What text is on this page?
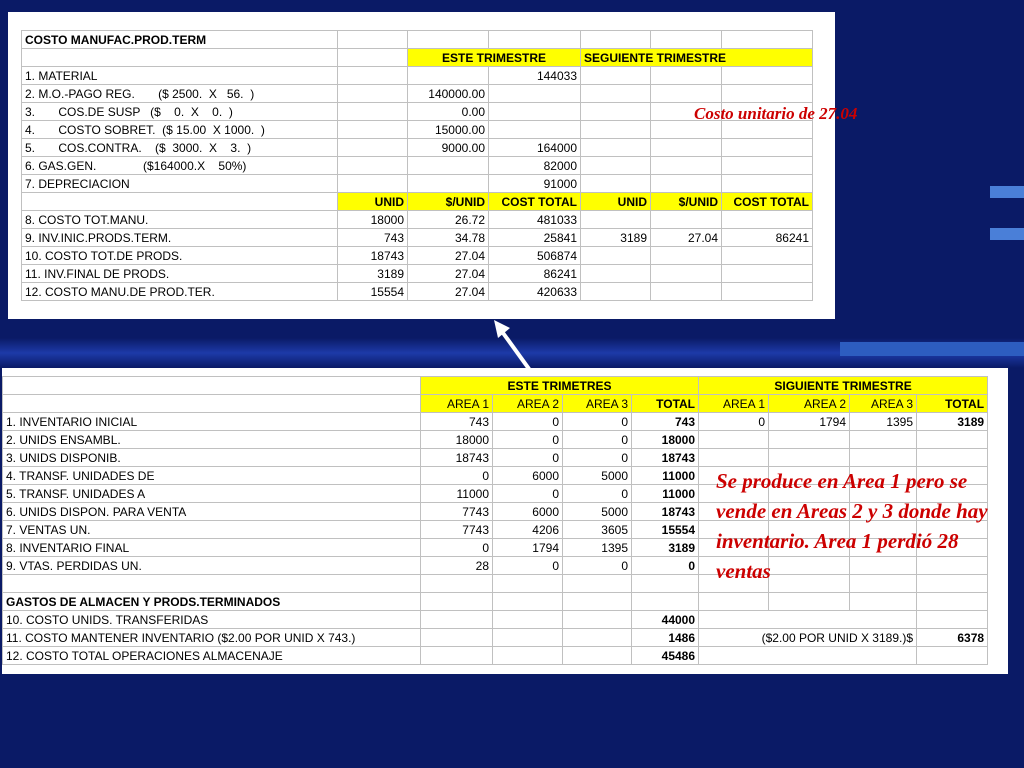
COSTO MANUFAC.PROD.TERM						
		ESTE TRIMESTRE		SEGUIENTE TRIMESTRE		
1. MATERIAL			144033			
2. M.O.-PAGO REG.       ($ 2500.  X   56.  )		140000.00				
3.       COS.DE SUSP   ($    0.  X    0.  )		0.00				
4.       COSTO SOBRET.  ($ 15.00  X 1000.  )		15000.00				
5.       COS.CONTRA.    ($  3000.  X    3.  )		9000.00	164000			
6. GAS.GEN.              ($164000.X    50%)			82000			
7. DEPRECIACION			91000			
	UNID	$/UNID	COST TOTAL	UNID	$/UNID	COST TOTAL
8. COSTO TOT.MANU.	18000	26.72	481033			
9. INV.INIC.PRODS.TERM.	743	34.78	25841	3189	27.04	86241
10. COSTO TOT.DE PRODS.	18743	27.04	506874			
11. INV.FINAL DE PRODS.	3189	27.04	86241			
12. COSTO MANU.DE PROD.TER.	15554	27.04	420633			
	ESTE TRIMETRES				SIGUIENTE TRIMESTRE			
	AREA 1	AREA 2	AREA 3	TOTAL	AREA 1	AREA 2	AREA 3	TOTAL
1. INVENTARIO INICIAL	743	0	0	743	0	1794	1395	3189
2. UNIDS ENSAMBL.	18000	0	0	18000				
3. UNIDS DISPONIB.	18743	0	0	18743				
4. TRANSF. UNIDADES DE	0	6000	5000	11000				
5. TRANSF. UNIDADES A	11000	0	0	11000				
6. UNIDS DISPON. PARA VENTA	7743	6000	5000	18743				
7. VENTAS UN.	7743	4206	3605	15554				
8. INVENTARIO FINAL	0	1794	1395	3189				
9. VTAS. PERDIDAS UN.	28	0	0	0				

GASTOS DE ALMACEN Y PRODS.TERMINADOS								
10. COSTO UNIDS. TRANSFERIDAS				44000				
11. COSTO MANTENER INVENTARIO ($2.00 POR UNID X 743.)				1486	($2.00 POR UNID X 3189.)$			6378
12. COSTO TOTAL OPERACIONES ALMACENAJE				45486				
Costo unitario de 27.04
Se produce en Area 1 pero se vende en Areas 2 y 3 donde hay inventario. Area 1 perdió 28 ventas
